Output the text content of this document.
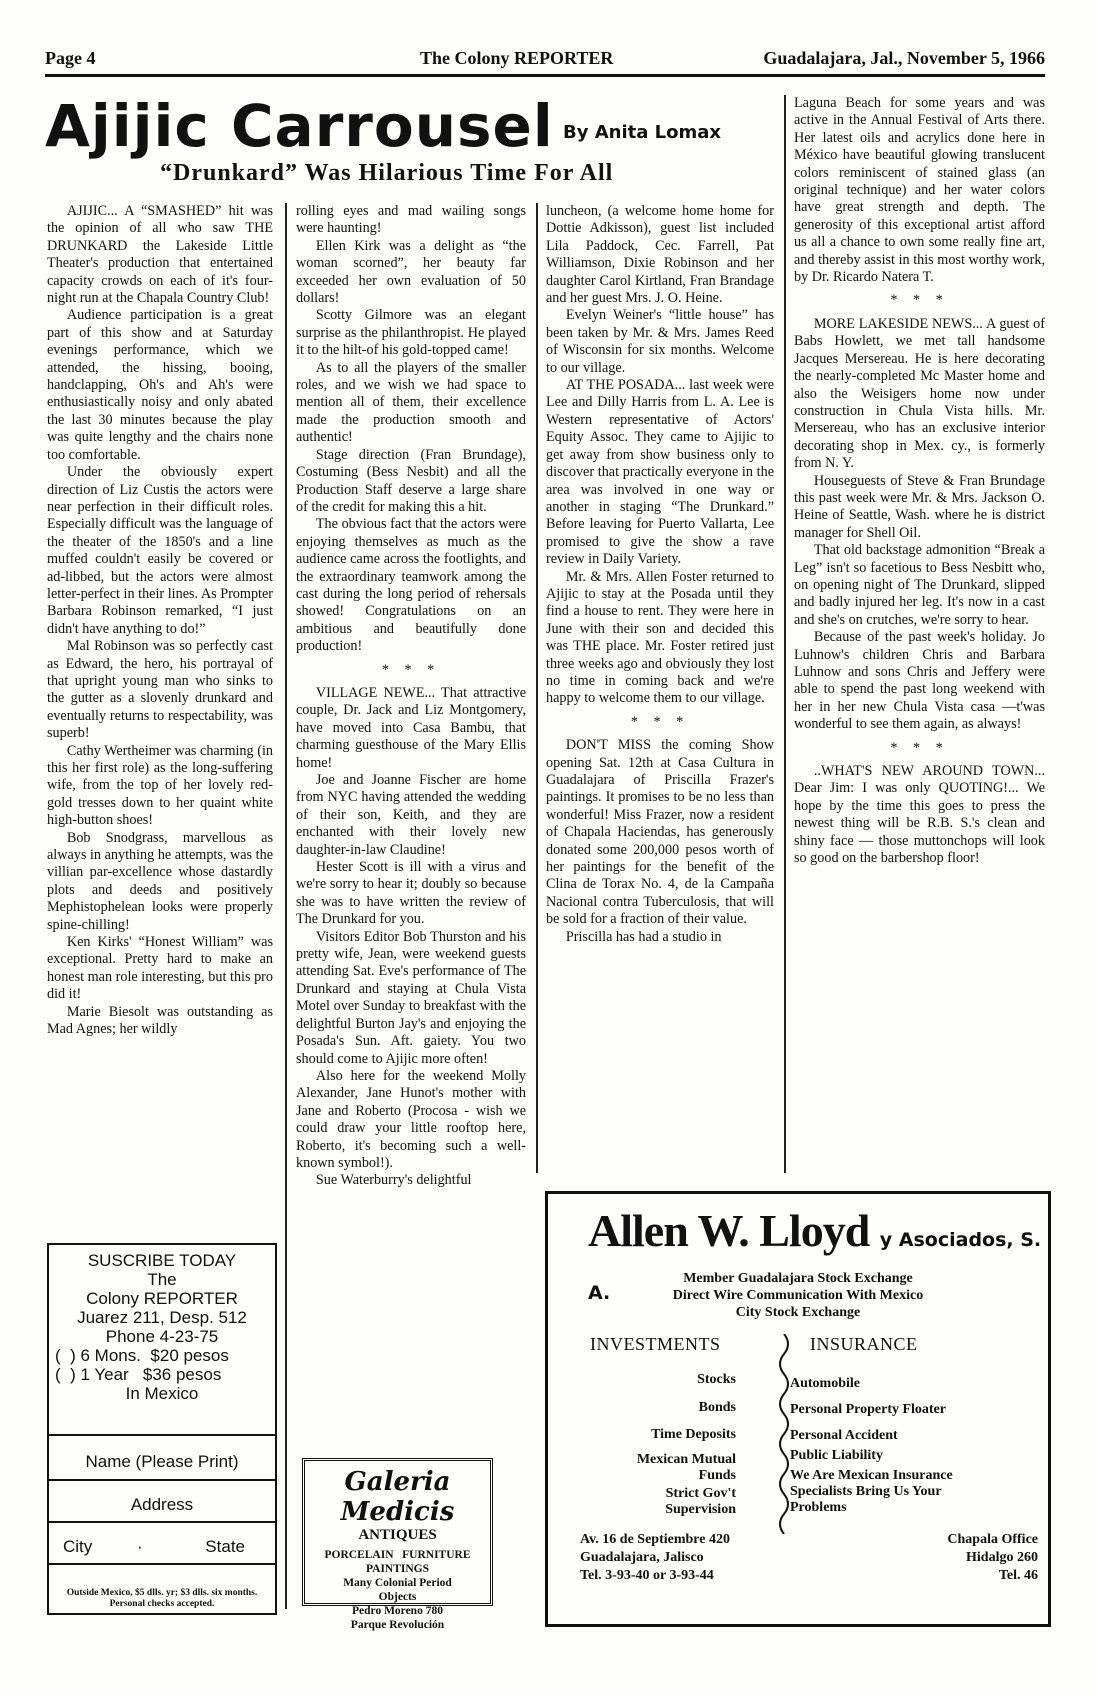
Page 4	The Colony REPORTER	Guadalajara, Jal., November 5, 1966
Ajijic Carrousel By Anita Lomax
“Drunkard” Was Hilarious Time For All

AJIJIC... A “SMASHED” hit was the opinion of all who saw THE DRUNKARD the Lakeside Little Theater's production that entertained capacity crowds on each of it's four-night run at the Chapala Country Club!

Audience participation is a great part of this show and at Saturday evenings performance, which we attended, the hissing, booing, handclapping, Oh's and Ah's were enthusiastically noisy and only abated the last 30 minutes because the play was quite lengthy and the chairs none too comfortable.

Under the obviously expert direction of Liz Custis the actors were near perfection in their difficult roles. Especially difficult was the language of the theater of the 1850's and a line muffed couldn't easily be covered or ad-libbed, but the actors were almost letter-perfect in their lines. As Prompter Barbara Robinson remarked, “I just didn't have anything to do!”

Mal Robinson was so perfectly cast as Edward, the hero, his portrayal of that upright young man who sinks to the gutter as a slovenly drunkard and eventually returns to respectability, was superb!

Cathy Wertheimer was charming (in this her first role) as the long-suffering wife, from the top of her lovely red-gold tresses down to her quaint white high-button shoes!

Bob Snodgrass, marvellous as always in anything he attempts, was the villian par-excellence whose dastardly plots and deeds and positively Mephistophelean looks were properly spine-chilling!

Ken Kirks' “Honest William” was exceptional. Pretty hard to make an honest man role interesting, but this pro did it!

Marie Biesolt was outstanding as Mad Agnes; her wildly

rolling eyes and mad wailing songs were haunting!

Ellen Kirk was a delight as “the woman scorned”, her beauty far exceeded her own evaluation of 50 dollars!

Scotty Gilmore was an elegant surprise as the philanthropist. He played it to the hilt-of his gold-topped came!

As to all the players of the smaller roles, and we wish we had space to mention all of them, their excellence made the production smooth and authentic!

Stage direction (Fran Brundage), Costuming (Bess Nesbit) and all the Production Staff deserve a large share of the credit for making this a hit.

The obvious fact that the actors were enjoying themselves as much as the audience came across the footlights, and the extraordinary teamwork among the cast during the long period of rehersals showed! Congratulations on an ambitious and beautifully done production!

* * *

VILLAGE NEWE... That attractive couple, Dr. Jack and Liz Montgomery, have moved into Casa Bambu, that charming guesthouse of the Mary Ellis home!

Joe and Joanne Fischer are home from NYC having attended the wedding of their son, Keith, and they are enchanted with their lovely new daughter-in-law Claudine!

Hester Scott is ill with a virus and we're sorry to hear it; doubly so because she was to have written the review of The Drunkard for you.

Visitors Editor Bob Thurston and his pretty wife, Jean, were weekend guests attending Sat. Eve's performance of The Drunkard and staying at Chula Vista Motel over Sunday to breakfast with the delightful Burton Jay's and enjoying the Posada's Sun. Aft. gaiety. You two should come to Ajijic more often!

Also here for the weekend Molly Alexander, Jane Hunot's mother with Jane and Roberto (Procosa - wish we could draw your little rooftop here, Roberto, it's becoming such a well-known symbol!).

Sue Waterburry's delightful

luncheon, (a welcome home home for Dottie Adkisson), guest list included Lila Paddock, Cec. Farrell, Pat Williamson, Dixie Robinson and her daughter Carol Kirtland, Fran Brandage and her guest Mrs. J. O. Heine.

Evelyn Weiner's “little house” has been taken by Mr. & Mrs. James Reed of Wisconsin for six months. Welcome to our village.

AT THE POSADA... last week were Lee and Dilly Harris from L. A. Lee is Western representative of Actors' Equity Assoc. They came to Ajijic to get away from show business only to discover that practically everyone in the area was involved in one way or another in staging “The Drunkard.” Before leaving for Puerto Vallarta, Lee promised to give the show a rave review in Daily Variety.

Mr. & Mrs. Allen Foster returned to Ajijic to stay at the Posada until they find a house to rent. They were here in June with their son and decided this was THE place. Mr. Foster retired just three weeks ago and obviously they lost no time in coming back and we're happy to welcome them to our village.

* * *

DON'T MISS the coming Show opening Sat. 12th at Casa Cultura in Guadalajara of Priscilla Frazer's paintings. It promises to be no less than wonderful! Miss Frazer, now a resident of Chapala Haciendas, has generously donated some 200,000 pesos worth of her paintings for the benefit of the Clina de Torax No. 4, de la Campaña Nacional contra Tuberculosis, that will be sold for a fraction of their value.

Priscilla has had a studio in

Laguna Beach for some years and was active in the Annual Festival of Arts there. Her latest oils and acrylics done here in México have beautiful glowing translucent colors reminiscent of stained glass (an original technique) and her water colors have great strength and depth. The generosity of this exceptional artist afford us all a chance to own some really fine art, and thereby assist in this most worthy work, by Dr. Ricardo Natera T.

* * *

MORE LAKESIDE NEWS... A guest of Babs Howlett, we met tall handsome Jacques Mersereau. He is here decorating the nearly-completed Mc Master home and also the Weisigers home now under construction in Chula Vista hills. Mr. Mersereau, who has an exclusive interior decorating shop in Mex. cy., is formerly from N. Y.

Houseguests of Steve & Fran Brundage this past week were Mr. & Mrs. Jackson O. Heine of Seattle, Wash. where he is district manager for Shell Oil.

That old backstage admonition “Break a Leg” isn't so facetious to Bess Nesbitt who, on opening night of The Drunkard, slipped and badly injured her leg. It's now in a cast and she's on crutches, we're sorry to hear.

Because of the past week's holiday. Jo Luhnow's children Chris and Barbara Luhnow and sons Chris and Jeffery were able to spend the past long weekend with her in her new Chula Vista casa —t'was wonderful to see them again, as always!

* * *

..WHAT'S NEW AROUND TOWN... Dear Jim: I was only QUOTING!... We hope by the time this goes to press the newest thing will be R.B. S.'s clean and shiny face — those muttonchops will look so good on the barbershop floor!

SUSCRIBE TODAY
The
Colony REPORTER
Juarez 211, Desp. 512
Phone 4-23-75
(  ) 6 Mons.  $20 pesos
(  ) 1 Year   $36 pesos
In Mexico
Name (Please Print)
Address
City	·	State
Outside Mexico, $5 dlls. yr; $3 dlls. six months. Personal checks accepted.
Galeria Medicis
ANTIQUES
PORCELAIN   FURNITURE
PAINTINGS
Many Colonial Period
Objects
Pedro Moreno 780
Parque Revolución
Allen W. Lloyd y Asociados, S. A.
Member Guadalajara Stock Exchange
Direct Wire Communication With Mexico
City Stock Exchange
INVESTMENTS	INSURANCE
Stocks
Bonds
Time Deposits
Mexican Mutual Funds
Strict Gov't Supervision
Automobile
Personal Property Floater
Personal Accident
Public Liability
We Are Mexican Insurance Specialists Bring Us Your Problems
Av. 16 de Septiembre 420
Guadalajara, Jalisco
Tel. 3-93-40 or 3-93-44
Chapala Office
Hidalgo 260
Tel. 46
